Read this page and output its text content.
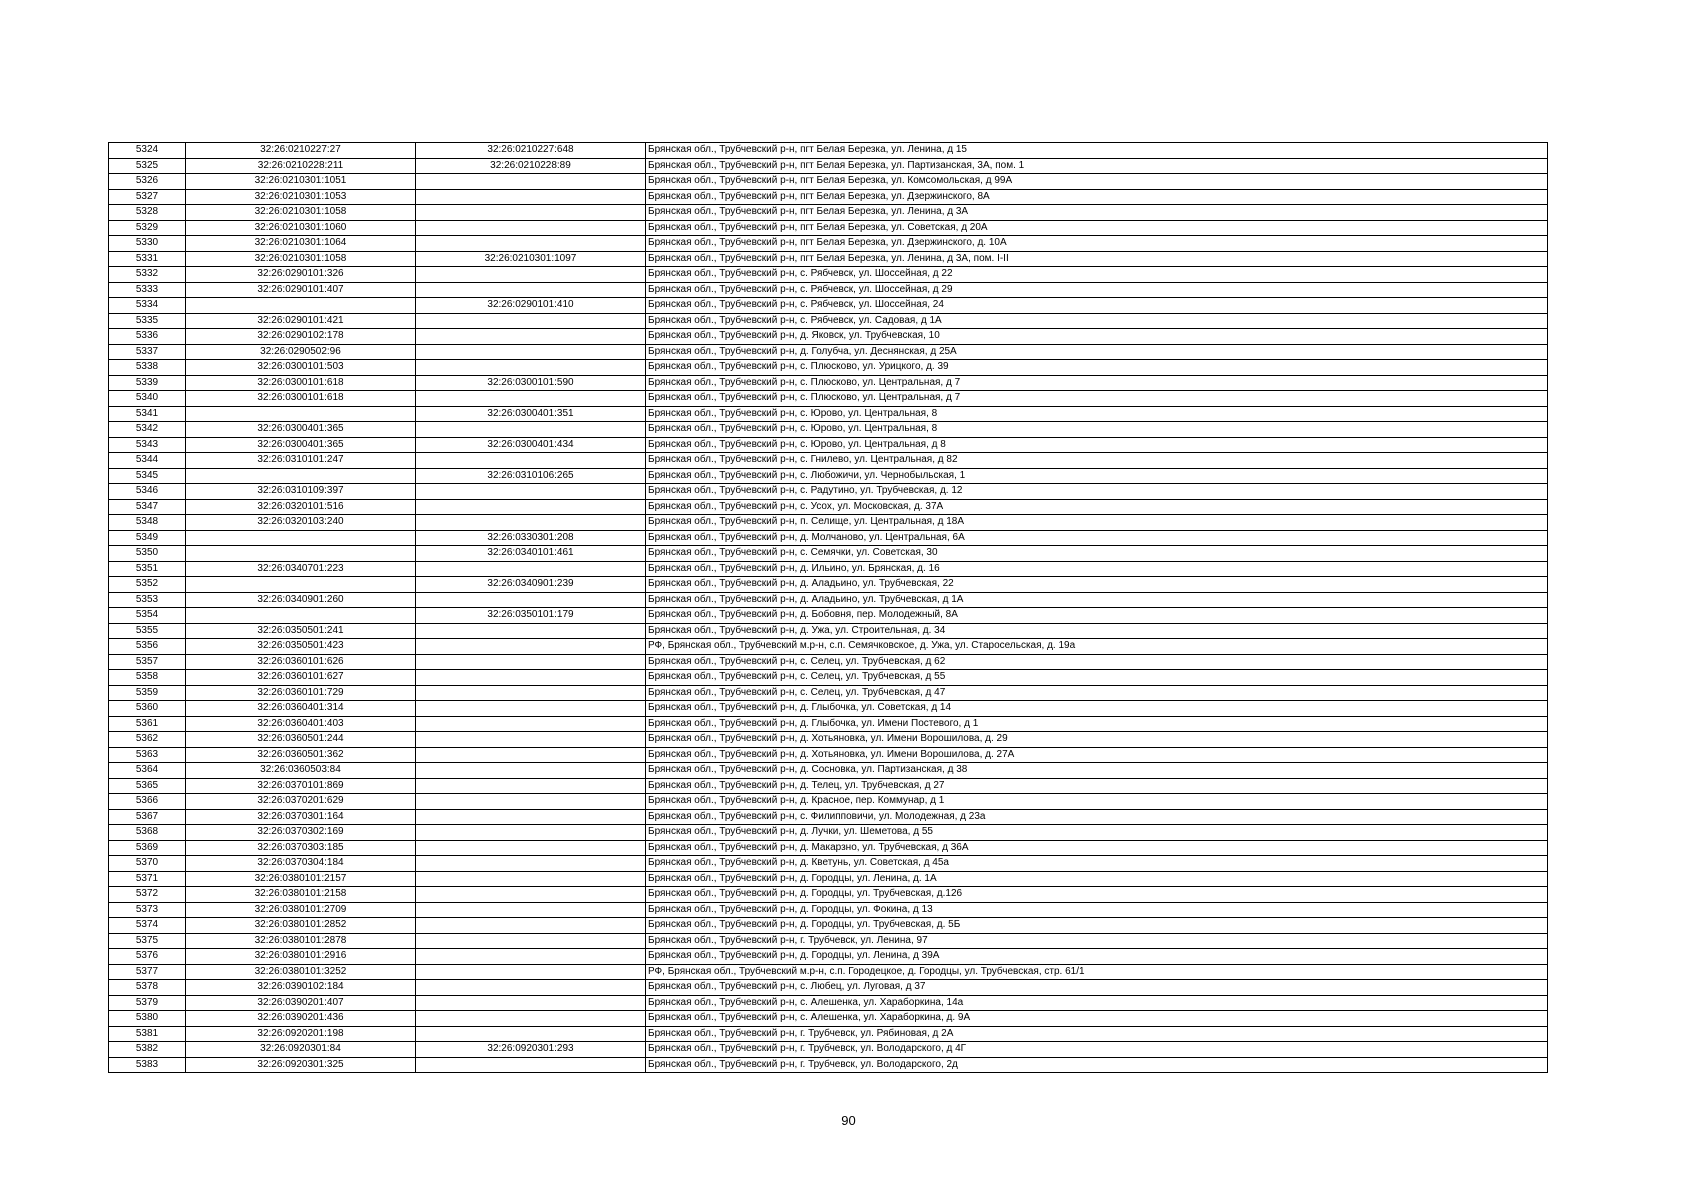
5324	32:26:0210227:27	32:26:0210227:648	Брянская обл., Трубчевский р-н, пгт Белая Березка, ул. Ленина, д 15
5325	32:26:0210228:211	32:26:0210228:89	Брянская обл., Трубчевский р-н, пгт Белая Березка, ул. Партизанская, 3А, пом. 1
5326	32:26:0210301:1051		Брянская обл., Трубчевский р-н, пгт Белая Березка, ул. Комсомольская, д 99А
5327	32:26:0210301:1053		Брянская обл., Трубчевский р-н, пгт Белая Березка, ул. Дзержинского, 8А
5328	32:26:0210301:1058		Брянская обл., Трубчевский р-н, пгт Белая Березка, ул. Ленина, д 3А
5329	32:26:0210301:1060		Брянская обл., Трубчевский р-н, пгт Белая Березка, ул. Советская, д 20А
5330	32:26:0210301:1064		Брянская обл., Трубчевский р-н, пгт Белая Березка, ул. Дзержинского, д. 10А
5331	32:26:0210301:1058	32:26:0210301:1097	Брянская обл., Трубчевский р-н, пгт Белая Березка, ул. Ленина, д 3А, пом. I-II
5332	32:26:0290101:326		Брянская обл., Трубчевский р-н, с. Рябчевск, ул. Шоссейная, д 22
5333	32:26:0290101:407		Брянская обл., Трубчевский р-н, с. Рябчевск, ул. Шоссейная, д 29
5334		32:26:0290101:410	Брянская обл., Трубчевский р-н, с. Рябчевск, ул. Шоссейная, 24
5335	32:26:0290101:421		Брянская обл., Трубчевский р-н, с. Рябчевск, ул. Садовая, д 1А
5336	32:26:0290102:178		Брянская обл., Трубчевский р-н, д. Яковск, ул. Трубчевская, 10
5337	32:26:0290502:96		Брянская обл., Трубчевский р-н, д. Голубча, ул. Деснянская, д 25А
5338	32:26:0300101:503		Брянская обл., Трубчевский р-н, с. Плюсково, ул. Урицкого, д. 39
5339	32:26:0300101:618	32:26:0300101:590	Брянская обл., Трубчевский р-н, с. Плюсково, ул. Центральная, д 7
5340	32:26:0300101:618		Брянская обл., Трубчевский р-н, с. Плюсково, ул. Центральная, д 7
5341		32:26:0300401:351	Брянская обл., Трубчевский р-н, с. Юрово, ул. Центральная, 8
5342	32:26:0300401:365		Брянская обл., Трубчевский р-н, с. Юрово, ул. Центральная, 8
5343	32:26:0300401:365	32:26:0300401:434	Брянская обл., Трубчевский р-н, с. Юрово, ул. Центральная, д 8
5344	32:26:0310101:247		Брянская обл., Трубчевский р-н, с. Гнилево, ул. Центральная, д 82
5345		32:26:0310106:265	Брянская обл., Трубчевский р-н, с. Любожичи, ул. Чернобыльская, 1
5346	32:26:0310109:397		Брянская обл., Трубчевский р-н, с. Радутино, ул. Трубчевская, д. 12
5347	32:26:0320101:516		Брянская обл., Трубчевский р-н, с. Усох, ул. Московская, д. 37А
5348	32:26:0320103:240		Брянская обл., Трубчевский р-н, п. Селище, ул. Центральная, д 18А
5349		32:26:0330301:208	Брянская обл., Трубчевский р-н, д. Молчаново, ул. Центральная, 6А
5350		32:26:0340101:461	Брянская обл., Трубчевский р-н, с. Семячки, ул. Советская, 30
5351	32:26:0340701:223		Брянская обл., Трубчевский р-н, д. Ильино, ул. Брянская, д. 16
5352		32:26:0340901:239	Брянская обл., Трубчевский р-н, д. Аладьино, ул. Трубчевская, 22
5353	32:26:0340901:260		Брянская обл., Трубчевский р-н, д. Аладьино, ул. Трубчевская, д 1А
5354		32:26:0350101:179	Брянская обл., Трубчевский р-н, д. Бобовня, пер. Молодежный, 8А
5355	32:26:0350501:241		Брянская обл., Трубчевский р-н, д. Ужа, ул. Строительная, д. 34
5356	32:26:0350501:423		РФ, Брянская обл., Трубчевский м.р-н, с.п. Семячковское, д. Ужа, ул. Старосельская, д. 19а
5357	32:26:0360101:626		Брянская обл., Трубчевский р-н, с. Селец, ул. Трубчевская, д 62
5358	32:26:0360101:627		Брянская обл., Трубчевский р-н, с. Селец, ул. Трубчевская, д 55
5359	32:26:0360101:729		Брянская обл., Трубчевский р-н, с. Селец, ул. Трубчевская, д 47
5360	32:26:0360401:314		Брянская обл., Трубчевский р-н, д. Глыбочка, ул. Советская, д 14
5361	32:26:0360401:403		Брянская обл., Трубчевский р-н, д. Глыбочка, ул. Имени Постевого, д 1
5362	32:26:0360501:244		Брянская обл., Трубчевский р-н, д. Хотьяновка, ул. Имени Ворошилова, д. 29
5363	32:26:0360501:362		Брянская обл., Трубчевский р-н, д. Хотьяновка, ул. Имени Ворошилова, д. 27А
5364	32:26:0360503:84		Брянская обл., Трубчевский р-н, д. Сосновка, ул. Партизанская, д 38
5365	32:26:0370101:869		Брянская обл., Трубчевский р-н, д. Телец, ул. Трубчевская, д 27
5366	32:26:0370201:629		Брянская обл., Трубчевский р-н, д. Красное, пер. Коммунар, д 1
5367	32:26:0370301:164		Брянская обл., Трубчевский р-н, с. Филипповичи, ул. Молодежная, д 23а
5368	32:26:0370302:169		Брянская обл., Трубчевский р-н, д. Лучки, ул. Шеметова, д 55
5369	32:26:0370303:185		Брянская обл., Трубчевский р-н, д. Макарзно, ул. Трубчевская, д 36А
5370	32:26:0370304:184		Брянская обл., Трубчевский р-н, д. Кветунь, ул. Советская, д 45а
5371	32:26:0380101:2157		Брянская обл., Трубчевский р-н, д. Городцы, ул. Ленина, д. 1А
5372	32:26:0380101:2158		Брянская обл., Трубчевский р-н, д. Городцы, ул. Трубчевская, д.126
5373	32:26:0380101:2709		Брянская обл., Трубчевский р-н, д. Городцы, ул. Фокина, д 13
5374	32:26:0380101:2852		Брянская обл., Трубчевский р-н, д. Городцы, ул. Трубчевская, д. 5Б
5375	32:26:0380101:2878		Брянская обл., Трубчевский р-н, г. Трубчевск, ул. Ленина, 97
5376	32:26:0380101:2916		Брянская обл., Трубчевский р-н, д. Городцы, ул. Ленина, д 39А
5377	32:26:0380101:3252		РФ, Брянская обл., Трубчевский м.р-н, с.п. Городецкое, д. Городцы, ул. Трубчевская, стр. 61/1
5378	32:26:0390102:184		Брянская обл., Трубчевский р-н, с. Любец, ул. Луговая, д 37
5379	32:26:0390201:407		Брянская обл., Трубчевский р-н, с. Алешенка, ул. Хараборкина, 14а
5380	32:26:0390201:436		Брянская обл., Трубчевский р-н, с. Алешенка, ул. Хараборкина, д. 9А
5381	32:26:0920201:198		Брянская обл., Трубчевский р-н, г. Трубчевск, ул. Рябиновая, д 2А
5382	32:26:0920301:84	32:26:0920301:293	Брянская обл., Трубчевский р-н, г. Трубчевск, ул. Володарского, д 4Г
5383	32:26:0920301:325		Брянская обл., Трубчевский р-н, г. Трубчевск, ул. Володарского, 2д
90
